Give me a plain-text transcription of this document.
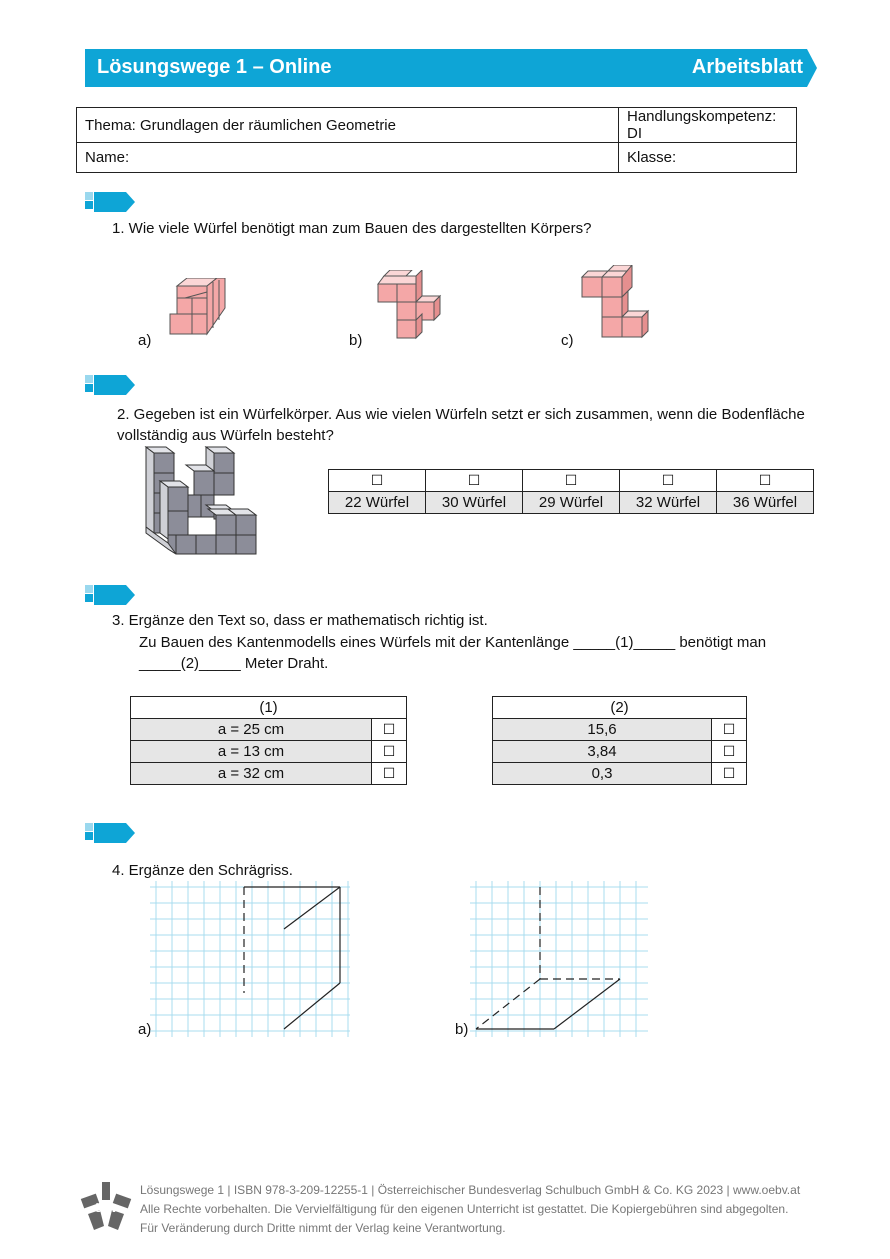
Lösungswege 1 – Online	Arbeitsblatt
Thema: Grundlagen der räumlichen Geometrie	Handlungskompetenz: DI
Name:	Klasse:
1. Wie viele Würfel benötigt man zum Bauen des dargestellten Körpers?
a)	b)	c)
2. Gegeben ist ein Würfelkörper. Aus wie vielen Würfeln setzt er sich zusammen, wenn die Bodenfläche vollständig aus Würfeln besteht?
☐	☐	☐	☐	☐
22 Würfel	30 Würfel	29 Würfel	32 Würfel	36 Würfel
3. Ergänze den Text so, dass er mathematisch richtig ist.
Zu Bauen des Kantenmodells eines Würfels mit der Kantenlänge _____(1)_____ benötigt man
_____(2)_____ Meter Draht.
(1)	
a = 25 cm	☐
a = 13 cm	☐
a = 32 cm	☐
(2)	
15,6	☐
3,84	☐
0,3	☐
4. Ergänze den Schrägriss.
a)	b)
öbv
Lösungswege 1 | ISBN 978-3-209-12255-1 | Österreichischer Bundesverlag Schulbuch GmbH & Co. KG 2023 | www.oebv.at
Alle Rechte vorbehalten. Die Vervielfältigung für den eigenen Unterricht ist gestattet. Die Kopiergebühren sind abgegolten.
Für Veränderung durch Dritte nimmt der Verlag keine Verantwortung.
